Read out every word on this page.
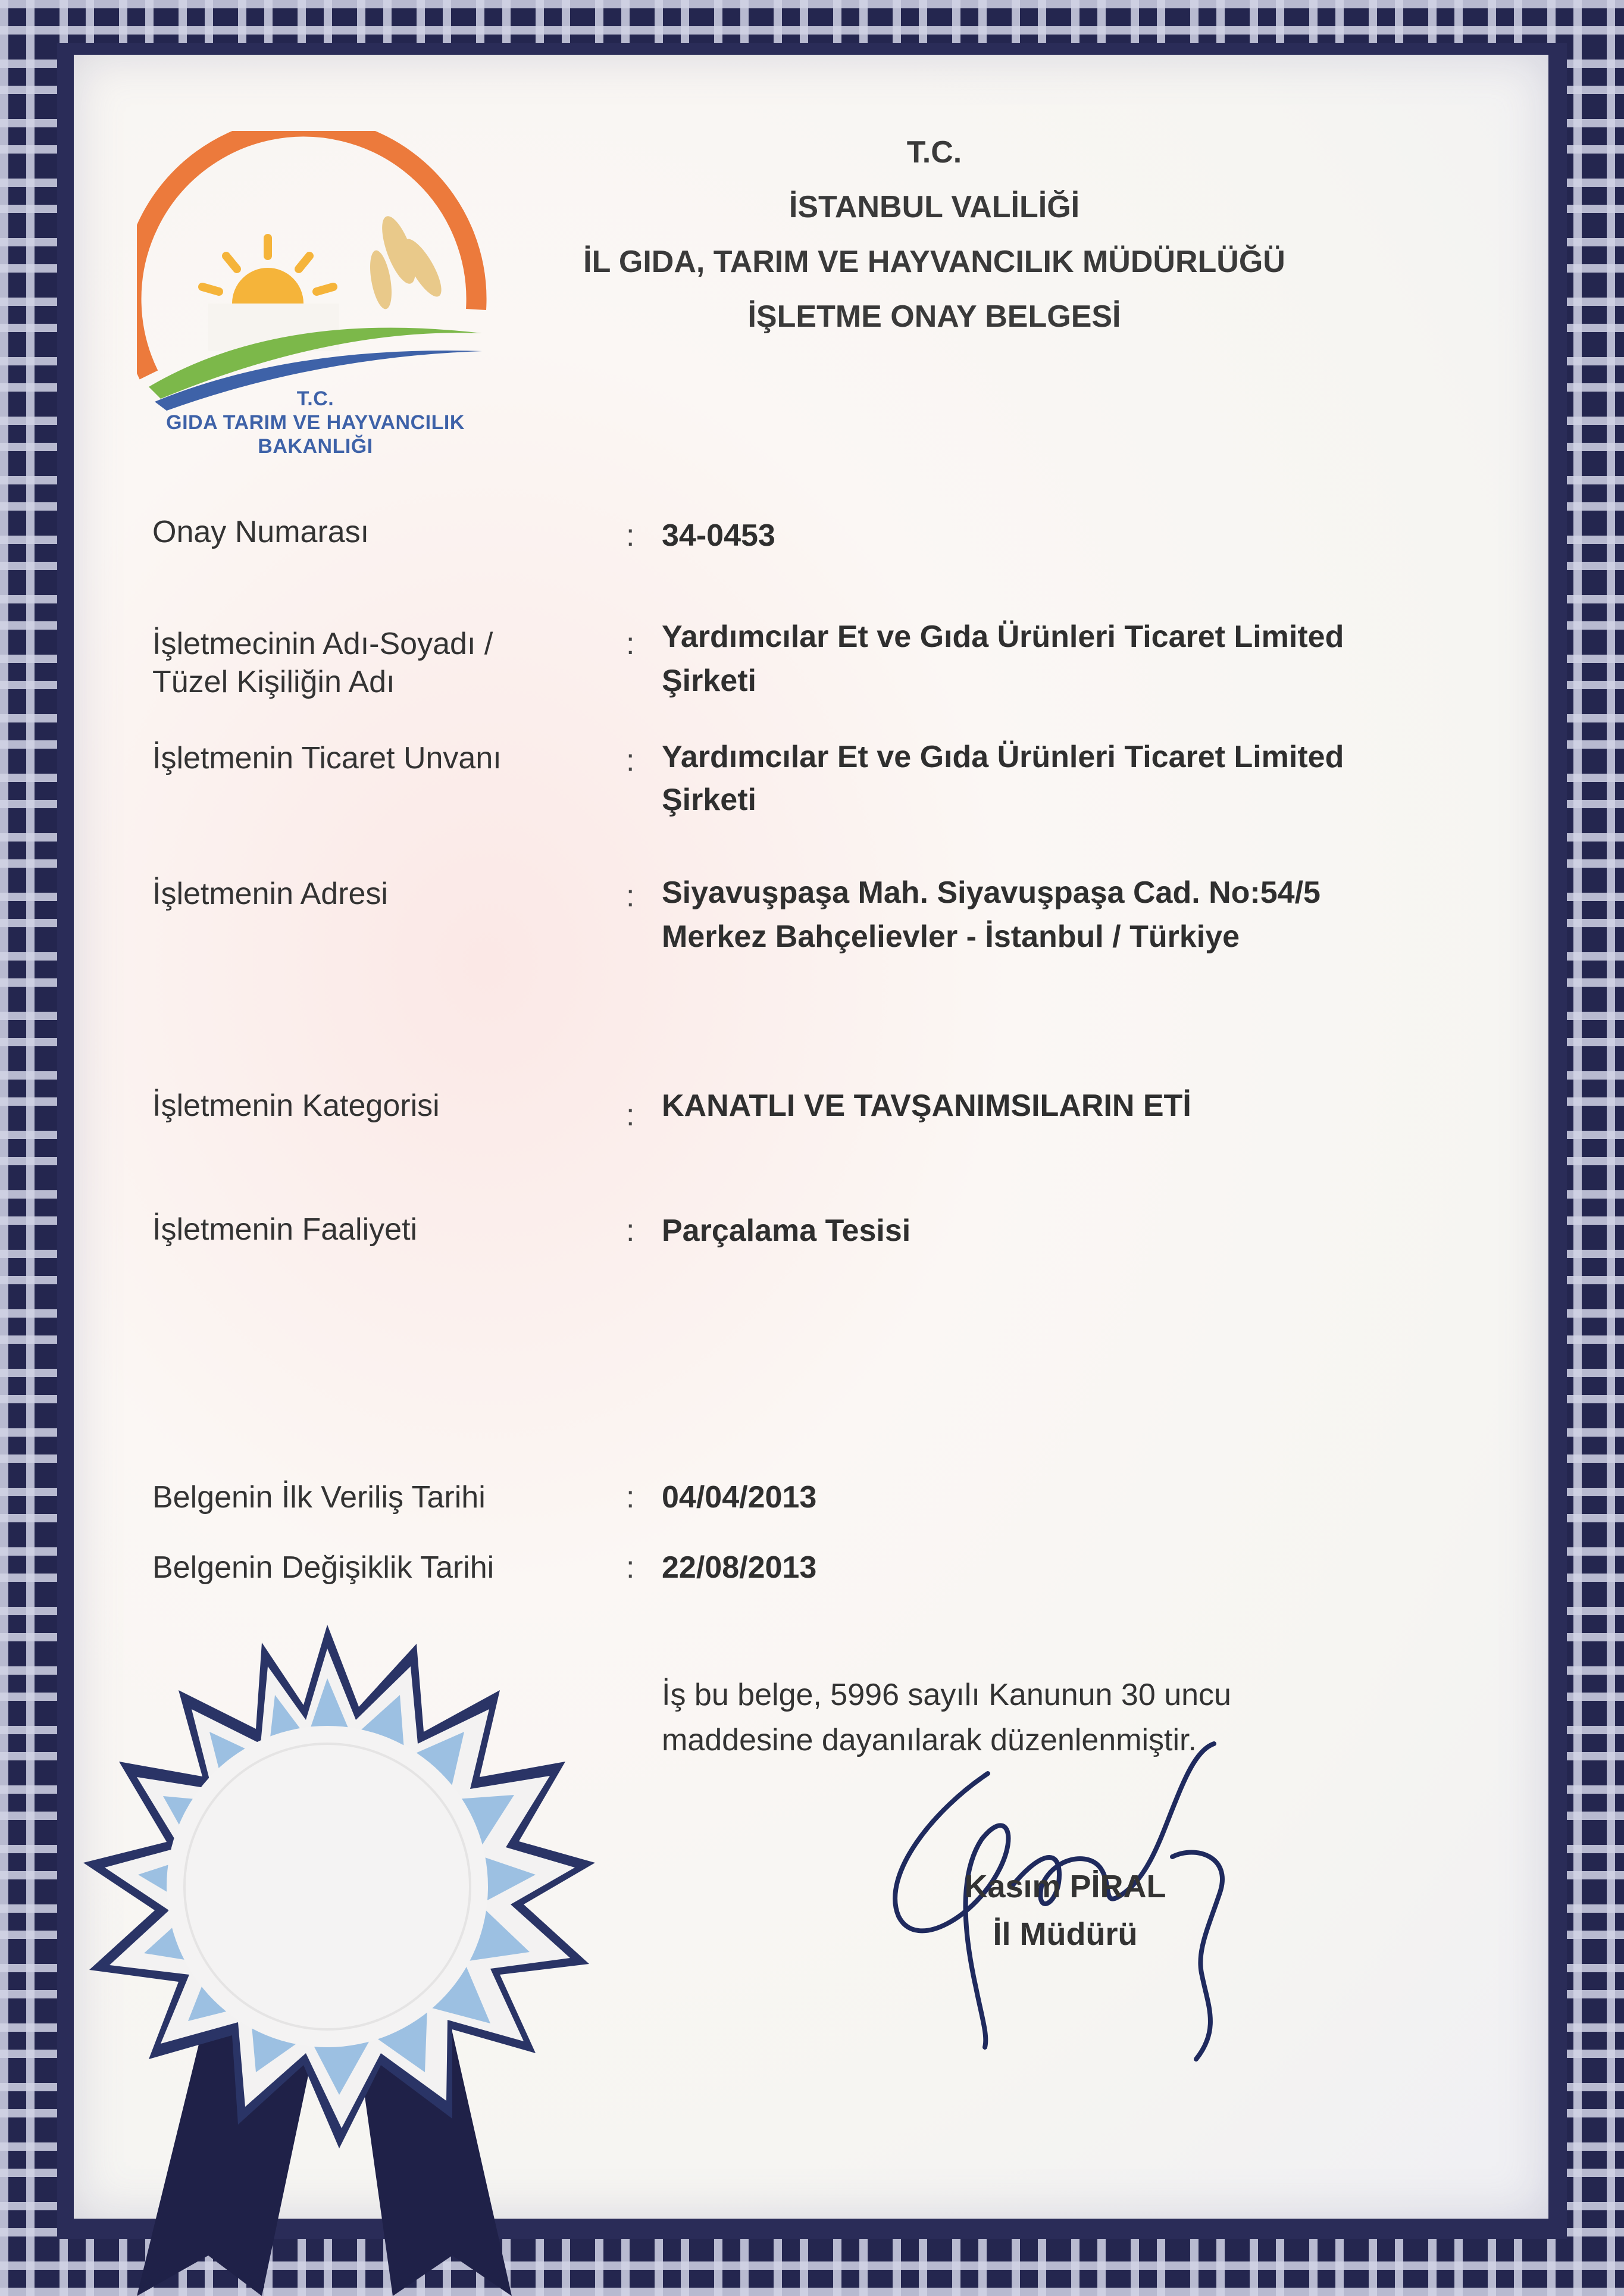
T.C.
GIDA TARIM VE HAYVANCILIK
BAKANLIĞI
T.C.
İSTANBUL VALİLİĞİ
İL GIDA, TARIM VE HAYVANCILIK MÜDÜRLÜĞÜ
İŞLETME ONAY BELGESİ
Onay Numarası	: 34-0453
İşletmecinin Adı-Soyadı /
Tüzel Kişiliğin Adı
: Yardımcılar Et ve Gıda Ürünleri Ticaret Limited
Şirketi
İşletmenin Ticaret Unvanı	: Yardımcılar Et ve Gıda Ürünleri Ticaret Limited
Şirketi
İşletmenin Adresi	: Siyavuşpaşa Mah. Siyavuşpaşa Cad. No:54/5
Merkez Bahçelievler - İstanbul / Türkiye
İşletmenin Kategorisi	: KANATLI VE TAVŞANIMSILARIN ETİ
İşletmenin Faaliyeti	: Parçalama Tesisi
Belgenin İlk Veriliş Tarihi	: 04/04/2013
Belgenin Değişiklik Tarihi	: 22/08/2013
İş bu belge, 5996 sayılı Kanunun 30 uncu
maddesine dayanılarak düzenlenmiştir.
Kasım PİRAL
İl Müdürü
